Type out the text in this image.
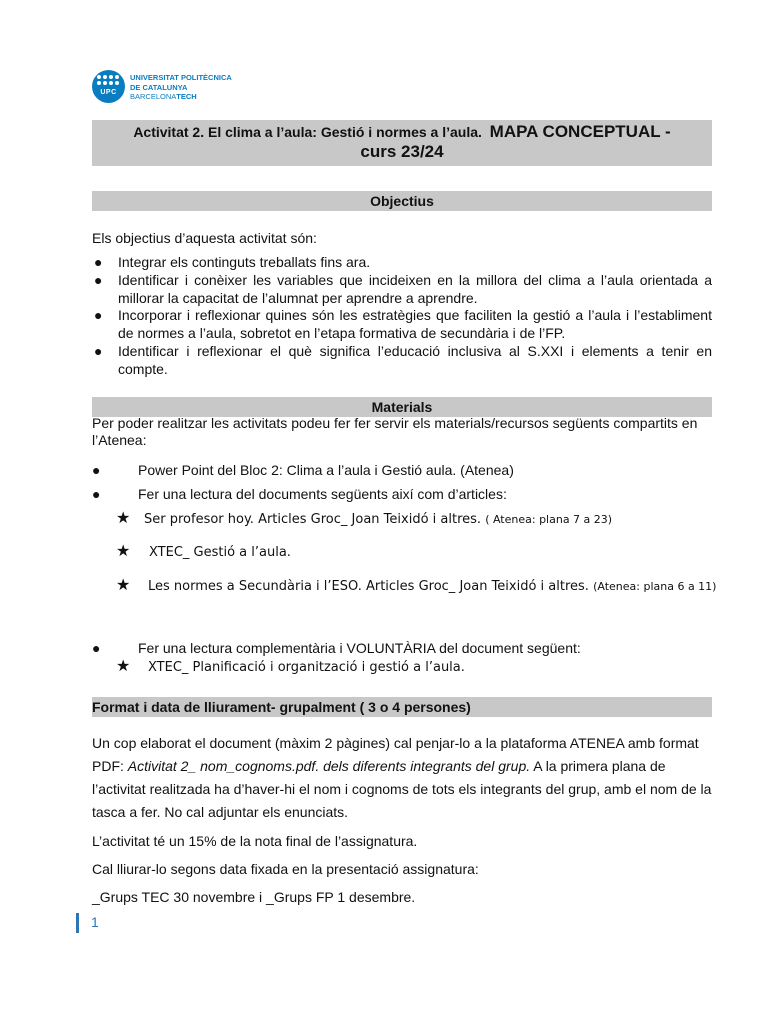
UPC
UNIVERSITAT POLITÈCNICA
DE CATALUNYA
BARCELONATECH
Activitat 2. El clima a l’aula: Gestió i normes a l’aula. MAPA CONCEPTUAL -
curs 23/24
Objectius
Els objectius d’aquesta activitat són:
● Integrar els continguts treballats fins ara.
● Identificar i conèixer les variables que incideixen en la millora del clima a l’aula orientada a millorar la capacitat de l’alumnat per aprendre a aprendre.
● Incorporar i reflexionar quines són les estratègies que faciliten la gestió a l’aula i l’establiment de normes a l’aula, sobretot en l’etapa formativa de secundària i de l’FP.
● Identificar i reflexionar el què significa l’educació inclusiva al S.XXI i elements a tenir en compte.
Materials
Per poder realitzar les activitats podeu fer fer servir els materials/recursos següents compartits en l’Atenea:
●	Power Point del Bloc 2: Clima a l’aula i Gestió aula. (Atenea)
●	Fer una lectura del documents següents així com d’articles:
★ Ser profesor hoy. Articles Groc_ Joan Teixidó i altres. ( Atenea: plana 7 a 23)
★ XTEC_ Gestió a l’aula.
★ Les normes a Secundària i l’ESO. Articles Groc_ Joan Teixidó i altres. (Atenea: plana 6 a 11)
●	Fer una lectura complementària i VOLUNTÀRIA del document següent:
★ XTEC_ Planificació i organització i gestió a l’aula.
Format i data de lliurament- grupalment ( 3 o 4 persones)
Un cop elaborat el document (màxim 2 pàgines) cal penjar-lo a la plataforma ATENEA amb format PDF: Activitat 2_ nom_cognoms.pdf. dels diferents integrants del grup. A la primera plana de l’activitat realitzada ha d’haver-hi el nom i cognoms de tots els integrants del grup, amb el nom de la tasca a fer. No cal adjuntar els enunciats.
L’activitat té un 15% de la nota final de l’assignatura.
Cal lliurar-lo segons data fixada en la presentació assignatura:
_Grups TEC 30 novembre i _Grups FP 1 desembre.
1
